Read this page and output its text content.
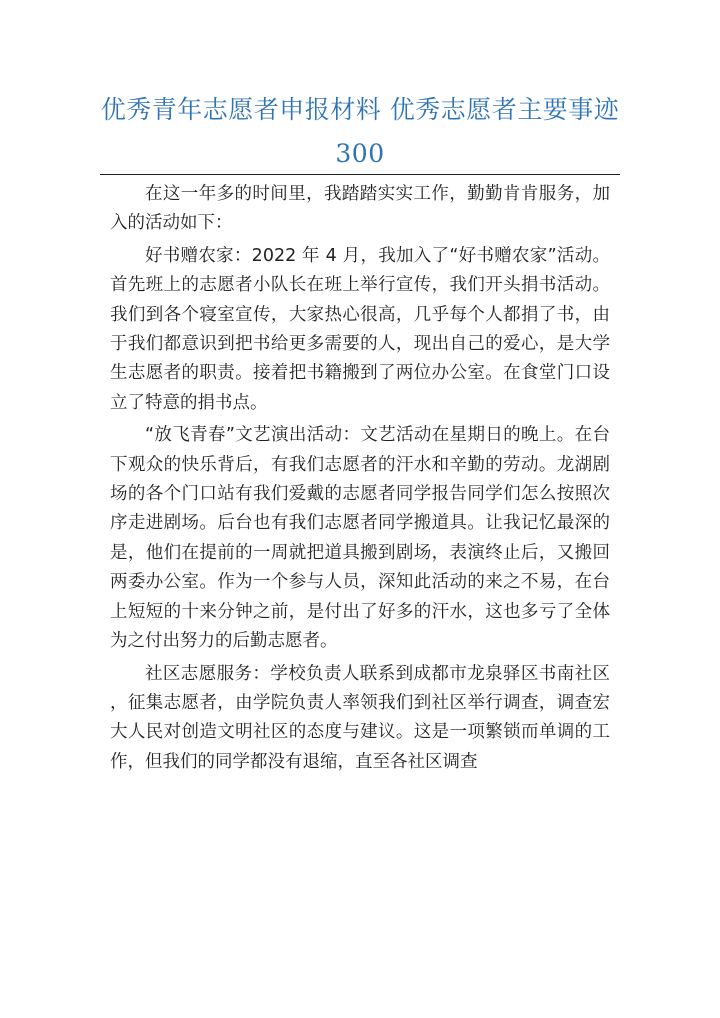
优秀青年志愿者申报材料 优秀志愿者主要事迹 300

在这一年多的时间里，我踏踏实实工作，勤勤肯肯服务，加入的活动如下：

好书赠农家：2022 年 4 月，我加入了“好书赠农家”活动。首先班上的志愿者小队长在班上举行宣传，我们开头捐书活动。我们到各个寝室宣传，大家热心很高，几乎每个人都捐了书，由于我们都意识到把书给更多需要的人，现出自己的爱心，是大学生志愿者的职责。接着把书籍搬到了两位办公室。在食堂门口设立了特意的捐书点。

“放飞青春”文艺演出活动：文艺活动在星期日的晚上。在台下观众的快乐背后，有我们志愿者的汗水和辛勤的劳动。龙湖剧场的各个门口站有我们爱戴的志愿者同学报告同学们怎么按照次序走进剧场。后台也有我们志愿者同学搬道具。让我记忆最深的是，他们在提前的一周就把道具搬到剧场，表演终止后，又搬回两委办公室。作为一个参与人员，深知此活动的来之不易，在台上短短的十来分钟之前，是付出了好多的汗水，这也多亏了全体为之付出努力的后勤志愿者。

社区志愿服务：学校负责人联系到成都市龙泉驿区书南社区，征集志愿者，由学院负责人率领我们到社区举行调查，调查宏大人民对创造文明社区的态度与建议。这是一项繁锁而单调的工作，但我们的同学都没有退缩，直至各社区调查
